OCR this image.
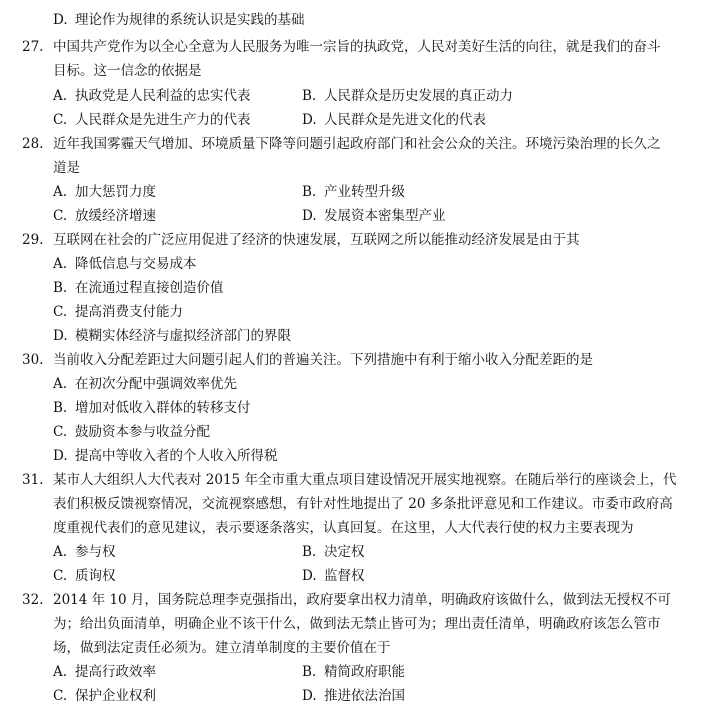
D. 理论作为规律的系统认识是实践的基础
27. 中国共产党作为以全心全意为人民服务为唯一宗旨的执政党，人民对美好生活的向往，就是我们的奋斗
目标。这一信念的依据是
A. 执政党是人民利益的忠实代表	B. 人民群众是历史发展的真正动力
C. 人民群众是先进生产力的代表	D. 人民群众是先进文化的代表
28. 近年我国雾霾天气增加、环境质量下降等问题引起政府部门和社会公众的关注。环境污染治理的长久之
道是
A. 加大惩罚力度	B. 产业转型升级
C. 放缓经济增速	D. 发展资本密集型产业
29. 互联网在社会的广泛应用促进了经济的快速发展，互联网之所以能推动经济发展是由于其
A. 降低信息与交易成本
B. 在流通过程直接创造价值
C. 提高消费支付能力
D. 模糊实体经济与虚拟经济部门的界限
30. 当前收入分配差距过大问题引起人们的普遍关注。下列措施中有利于缩小收入分配差距的是
A. 在初次分配中强调效率优先
B. 增加对低收入群体的转移支付
C. 鼓励资本参与收益分配
D. 提高中等收入者的个人收入所得税
31. 某市人大组织人大代表对 2015 年全市重大重点项目建设情况开展实地视察。在随后举行的座谈会上，代
表们积极反馈视察情况，交流视察感想，有针对性地提出了 20 多条批评意见和工作建议。市委市政府高
度重视代表们的意见建议，表示要逐条落实，认真回复。在这里，人大代表行使的权力主要表现为
A. 参与权	B. 决定权
C. 质询权	D. 监督权
32. 2014 年 10 月，国务院总理李克强指出，政府要拿出权力清单，明确政府该做什么，做到法无授权不可
为；给出负面清单，明确企业不该干什么，做到法无禁止皆可为；理出责任清单，明确政府该怎么管市
场，做到法定责任必须为。建立清单制度的主要价值在于
A. 提高行政效率	B. 精简政府职能
C. 保护企业权利	D. 推进依法治国
